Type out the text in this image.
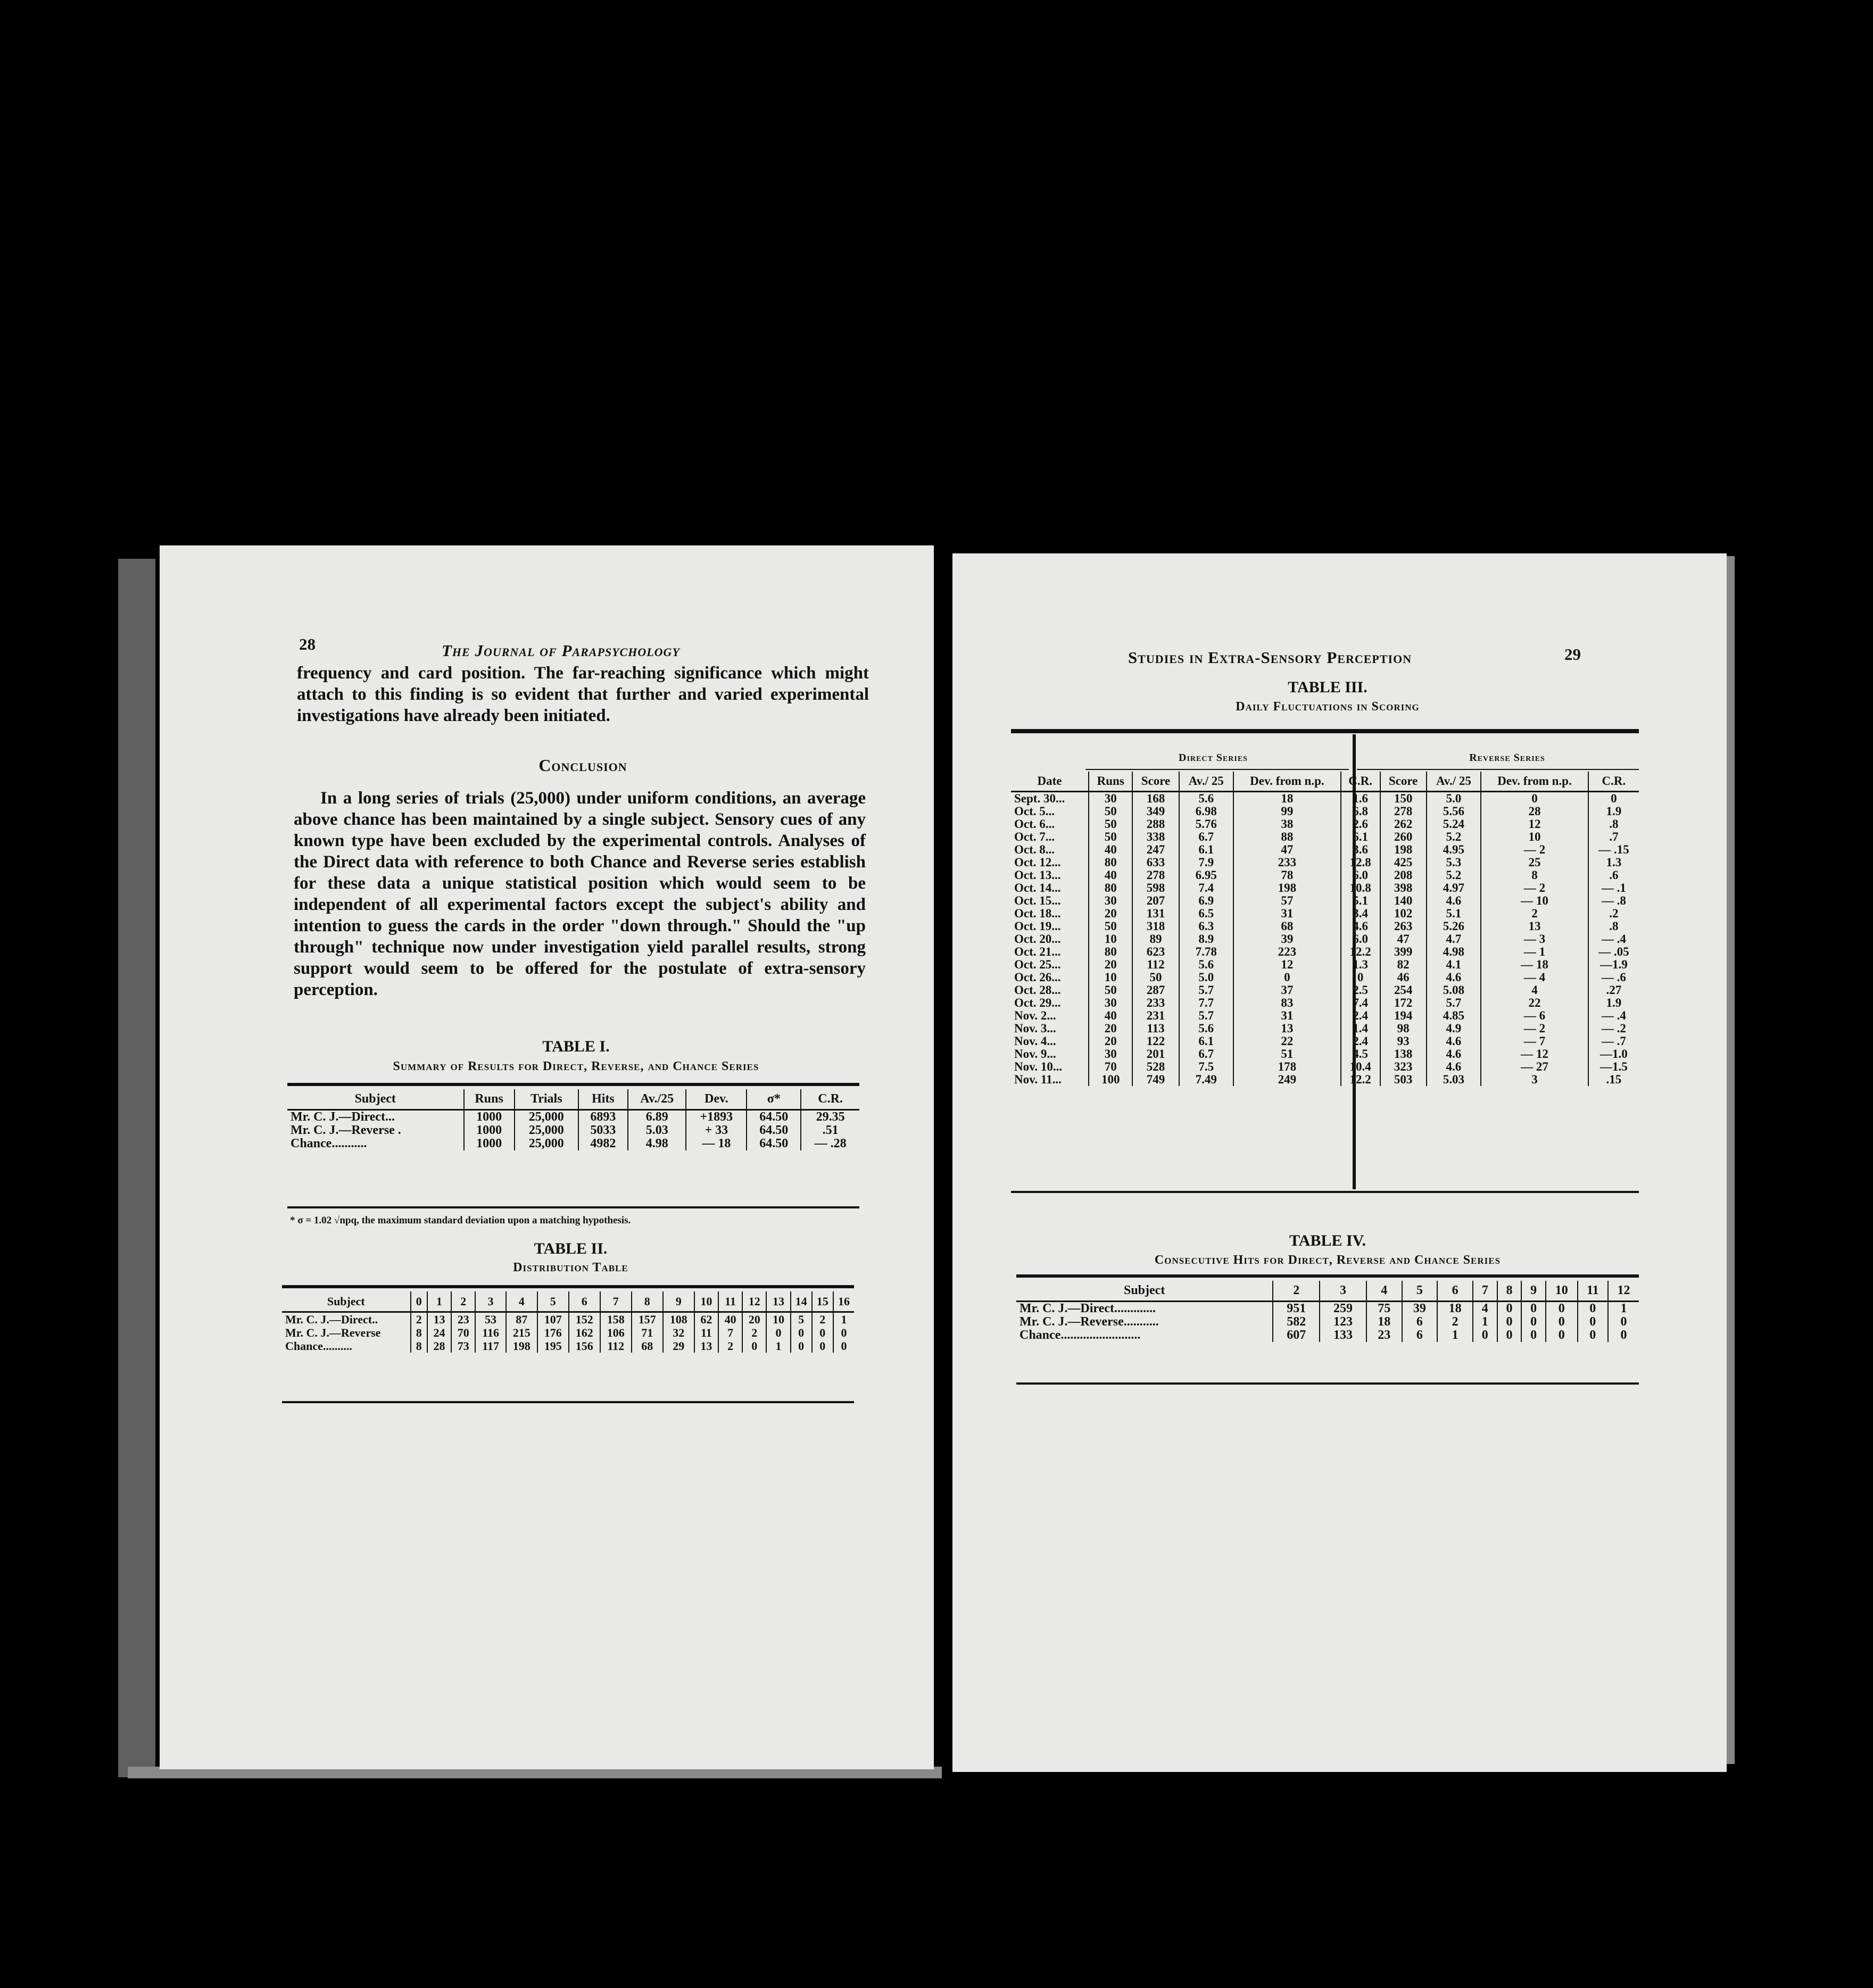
28	The Journal of Parapsychology
frequency and card position. The far-reaching significance which might attach to this finding is so evident that further and varied experimental investigations have already been initiated.
Conclusion
In a long series of trials (25,000) under uniform conditions, an average above chance has been maintained by a single subject. Sensory cues of any known type have been excluded by the experimental controls. Analyses of the Direct data with reference to both Chance and Reverse series establish for these data a unique statistical position which would seem to be independent of all experimental factors except the subject's ability and intention to guess the cards in the order "down through." Should the "up through" technique now under investigation yield parallel results, strong support would seem to be offered for the postulate of extra-sensory perception.
TABLE I.
Summary of Results for Direct, Reverse, and Chance Series
Subject	Runs	Trials	Hits	Av./25	Dev.	σ*	C.R.
Mr. C. J.—Direct...	1000	25,000	6893	6.89	+1893	64.50	29.35
Mr. C. J.—Reverse .	1000	25,000	5033	5.03	+ 33	64.50	.51
Chance...........	1000	25,000	4982	4.98	— 18	64.50	— .28
* σ = 1.02 √npq, the maximum standard deviation upon a matching hypothesis.
TABLE II.
Distribution Table
Subject	0	1	2	3	4	5	6	7	8	9	10	11	12	13	14	15	16
Mr. C. J.—Direct..	2	13	23	53	87	107	152	158	157	108	62	40	20	10	5	2	1
Mr. C. J.—Reverse	8	24	70	116	215	176	162	106	71	32	11	7	2	0	0	0	0
Chance..........	8	28	73	117	198	195	156	112	68	29	13	2	0	1	0	0	0
Studies in Extra-Sensory Perception	29
TABLE III.
Daily Fluctuations in Scoring
Direct Series	Reverse Series
Date	Runs	Score	Av./ 25	Dev. from n.p.	C.R.	Score	Av./ 25	Dev. from n.p.	C.R.
Sept. 30...	30	168	5.6	18	1.6	150	5.0	0	0
Oct. 5...	50	349	6.98	99	6.8	278	5.56	28	1.9
Oct. 6...	50	288	5.76	38	2.6	262	5.24	12	.8
Oct. 7...	50	338	6.7	88	6.1	260	5.2	10	.7
Oct. 8...	40	247	6.1	47	3.6	198	4.95	— 2	— .15
Oct. 12...	80	633	7.9	233	12.8	425	5.3	25	1.3
Oct. 13...	40	278	6.95	78	6.0	208	5.2	8	.6
Oct. 14...	80	598	7.4	198	10.8	398	4.97	— 2	— .1
Oct. 15...	30	207	6.9	57	5.1	140	4.6	— 10	— .8
Oct. 18...	20	131	6.5	31	3.4	102	5.1	2	.2
Oct. 19...	50	318	6.3	68	4.6	263	5.26	13	.8
Oct. 20...	10	89	8.9	39	6.0	47	4.7	— 3	— .4
Oct. 21...	80	623	7.78	223	12.2	399	4.98	— 1	— .05
Oct. 25...	20	112	5.6	12	1.3	82	4.1	— 18	—1.9
Oct. 26...	10	50	5.0	0	0	46	4.6	— 4	— .6
Oct. 28...	50	287	5.7	37	2.5	254	5.08	4	.27
Oct. 29...	30	233	7.7	83	7.4	172	5.7	22	1.9
Nov. 2...	40	231	5.7	31	2.4	194	4.85	— 6	— .4
Nov. 3...	20	113	5.6	13	1.4	98	4.9	— 2	— .2
Nov. 4...	20	122	6.1	22	2.4	93	4.6	— 7	— .7
Nov. 9...	30	201	6.7	51	4.5	138	4.6	— 12	—1.0
Nov. 10...	70	528	7.5	178	10.4	323	4.6	— 27	—1.5
Nov. 11...	100	749	7.49	249	12.2	503	5.03	3	.15
TABLE IV.
Consecutive Hits for Direct, Reverse and Chance Series
Subject	2	3	4	5	6	7	8	9	10	11	12
Mr. C. J.—Direct.............	951	259	75	39	18	4	0	0	0	0	1
Mr. C. J.—Reverse...........	582	123	18	6	2	1	0	0	0	0	0
Chance.........................	607	133	23	6	1	0	0	0	0	0	0
